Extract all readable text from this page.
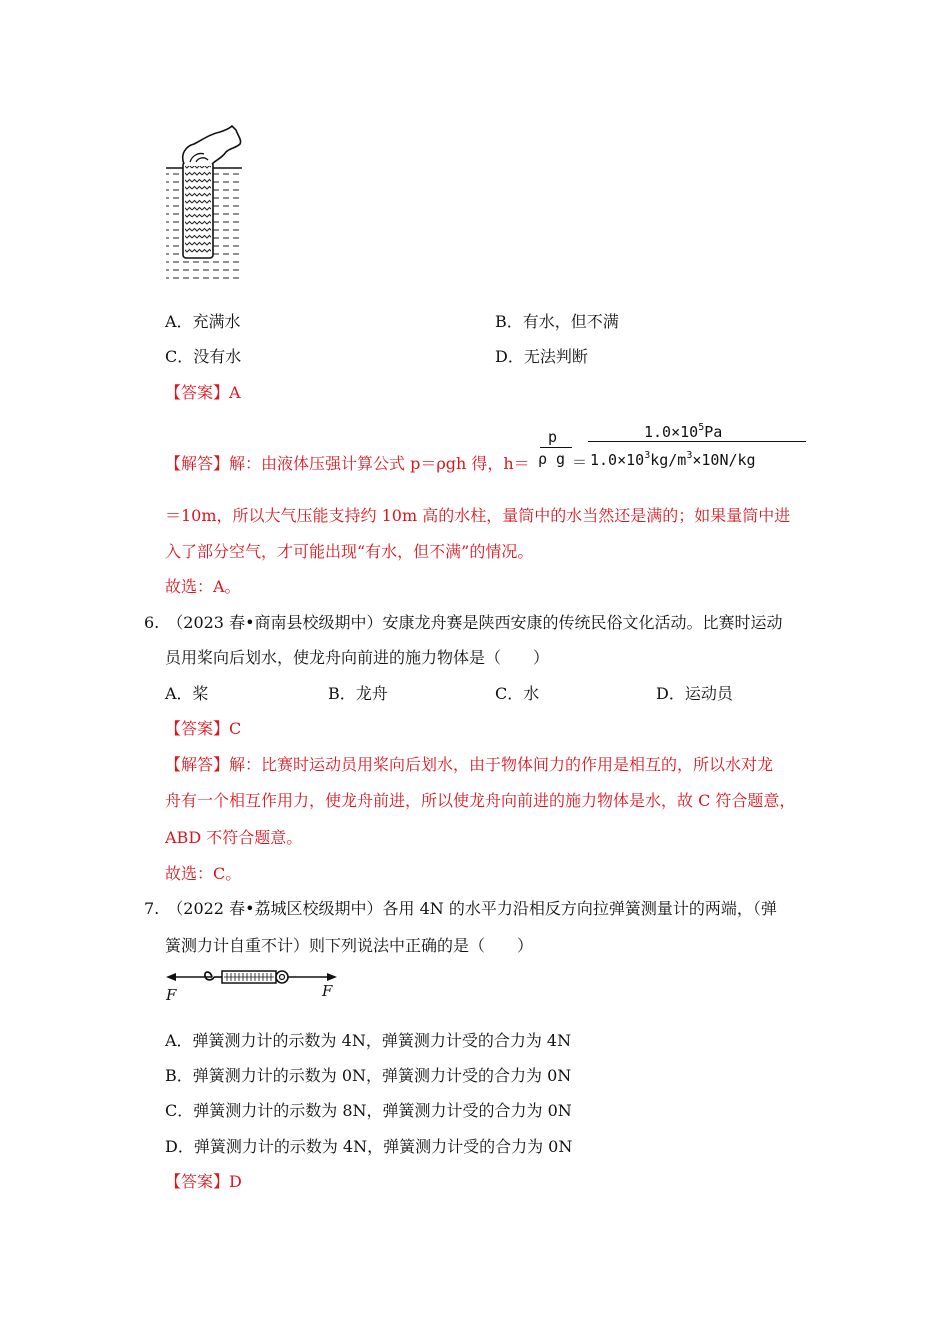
A．充满水	B．有水，但不满
C．没有水	D．无法判断
【答案】A
【解答】解：由液体压强计算公式 p＝ρgh 得，h＝
p
ρ g ＝
$1.0\times 10^5Pa$
$1.0\times 10^3kg/m^3\times 10N/kg$
＝10m，所以大气压能支持约 10m 高的水柱，量筒中的水当然还是满的；如果量筒中进
入了部分空气，才可能出现“有水，但不满”的情况。
故选：A。
6.　（2023 春•商南县校级期中）安康龙舟赛是陕西安康的传统民俗文化活动。比赛时运动
员用桨向后划水，使龙舟向前进的施力物体是（　　）
A．桨	B．龙舟	C．水	D．运动员
【答案】C
【解答】解：比赛时运动员用桨向后划水，由于物体间力的作用是相互的，所以水对龙
舟有一个相互作用力，使龙舟前进，所以使龙舟向前进的施力物体是水，故 C 符合题意，
ABD 不符合题意。
故选：C。
7.　（2022 春•荔城区校级期中）各用 4N 的水平力沿相反方向拉弹簧测量计的两端，（弹
簧测力计自重不计）则下列说法中正确的是（　　）
F	F
A．弹簧测力计的示数为 4N，弹簧测力计受的合力为 4N
B．弹簧测力计的示数为 0N，弹簧测力计受的合力为 0N
C．弹簧测力计的示数为 8N，弹簧测力计受的合力为 0N
D．弹簧测力计的示数为 4N，弹簧测力计受的合力为 0N
【答案】D
